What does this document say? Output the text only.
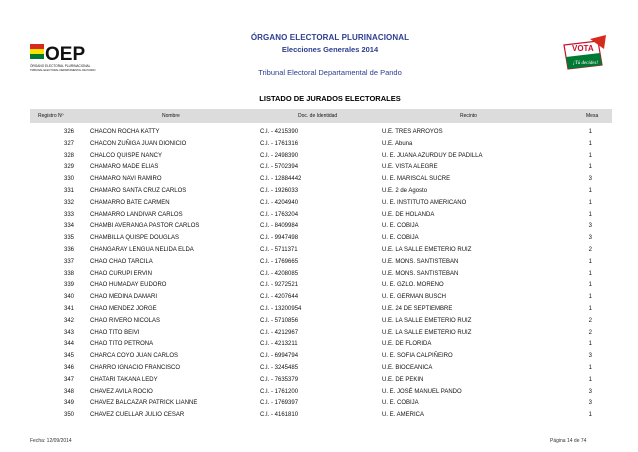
OEP
ÓRGANO ELECTORAL PLURINACIONAL
TRIBUNAL ELECTORAL DEPARTAMENTAL DE PANDO
VOTA
¡Tú decides!
ÓRGANO ELECTORAL PLURINACIONAL
Elecciones Generales 2014
Tribunal Electoral Departamental de Pando
LISTADO DE JURADOS ELECTORALES
Registro Nº	Nombre	Doc. de Identidad	Recinto	Mesa
326	CHACON ROCHA KATTY	C.I. - 4215390	U.E. TRES ARROYOS	1
327	CHACON ZUÑIGA JUAN DIONICIO	C.I. - 1761316	U.E. Abuna	1
328	CHALCO QUISPE NANCY	C.I. - 2498390	U. E. JUANA AZURDUY DE PADILLA	1
329	CHAMARO MADE ELIAS	C.I. - 5702394	U.E. VISTA ALEGRE	1
330	CHAMARO NAVI RAMIRO	C.I. - 12884442	U. E. MARISCAL SUCRE	3
331	CHAMARO SANTA CRUZ CARLOS	C.I. - 1926033	U.E. 2 de Agosto	1
332	CHAMARRO BATE CARMEN	C.I. - 4204940	U. E. INSTITUTO AMERICANO	1
333	CHAMARRO LANDIVAR CARLOS	C.I. - 1763204	U.E. DE HOLANDA	1
334	CHAMBI AVERANGA PASTOR CARLOS	C.I. - 8409984	U. E. COBIJA	3
335	CHAMBILLA QUISPE DOUGLAS	C.I. - 9947498	U. E. COBIJA	3
336	CHANGARAY LENGUA NELIDA ELDA	C.I. - 5711371	U.E. LA SALLE EMETERIO RUIZ	2
337	CHAO CHAO TARCILA	C.I. - 1769665	U.E. MONS. SANTISTEBAN	1
338	CHAO CURUPI ERVIN	C.I. - 4208085	U.E. MONS. SANTISTEBAN	1
339	CHAO HUMADAY EUDORO	C.I. - 9272521	U. E. GZLO. MORENO	1
340	CHAO MEDINA DAMARI	C.I. - 4207644	U. E. GERMAN BUSCH	1
341	CHAO MENDEZ JORGE	C.I. - 13200954	U.E. 24 DE SEPTIEMBRE	1
342	CHAO RIVERO NICOLAS	C.I. - 5710856	U.E. LA SALLE EMETERIO RUIZ	2
343	CHAO TITO BEIVI	C.I. - 4212967	U.E. LA SALLE EMETERIO RUIZ	2
344	CHAO TITO PETRONA	C.I. - 4213211	U.E. DE FLORIDA	1
345	CHARCA COYO JUAN CARLOS	C.I. - 6994794	U. E. SOFIA CALPIÑEIRO	3
346	CHARRO IGNACIO FRANCISCO	C.I. - 3245485	U.E. BIOCEANICA	1
347	CHATARI TAKANA LEDY	C.I. - 7635379	U.E. DE PEKIN	1
348	CHAVEZ AVILA ROCIO	C.I. - 1761200	U. E. JOSÉ MANUEL PANDO	3
349	CHAVEZ BALCAZAR PATRICK LIANNE	C.I. - 1769397	U. E. COBIJA	3
350	CHAVEZ CUELLAR JULIO CESAR	C.I. - 4161810	U. E. AMERICA	1
Fecha: 12/09/2014	Página 14 de 74
